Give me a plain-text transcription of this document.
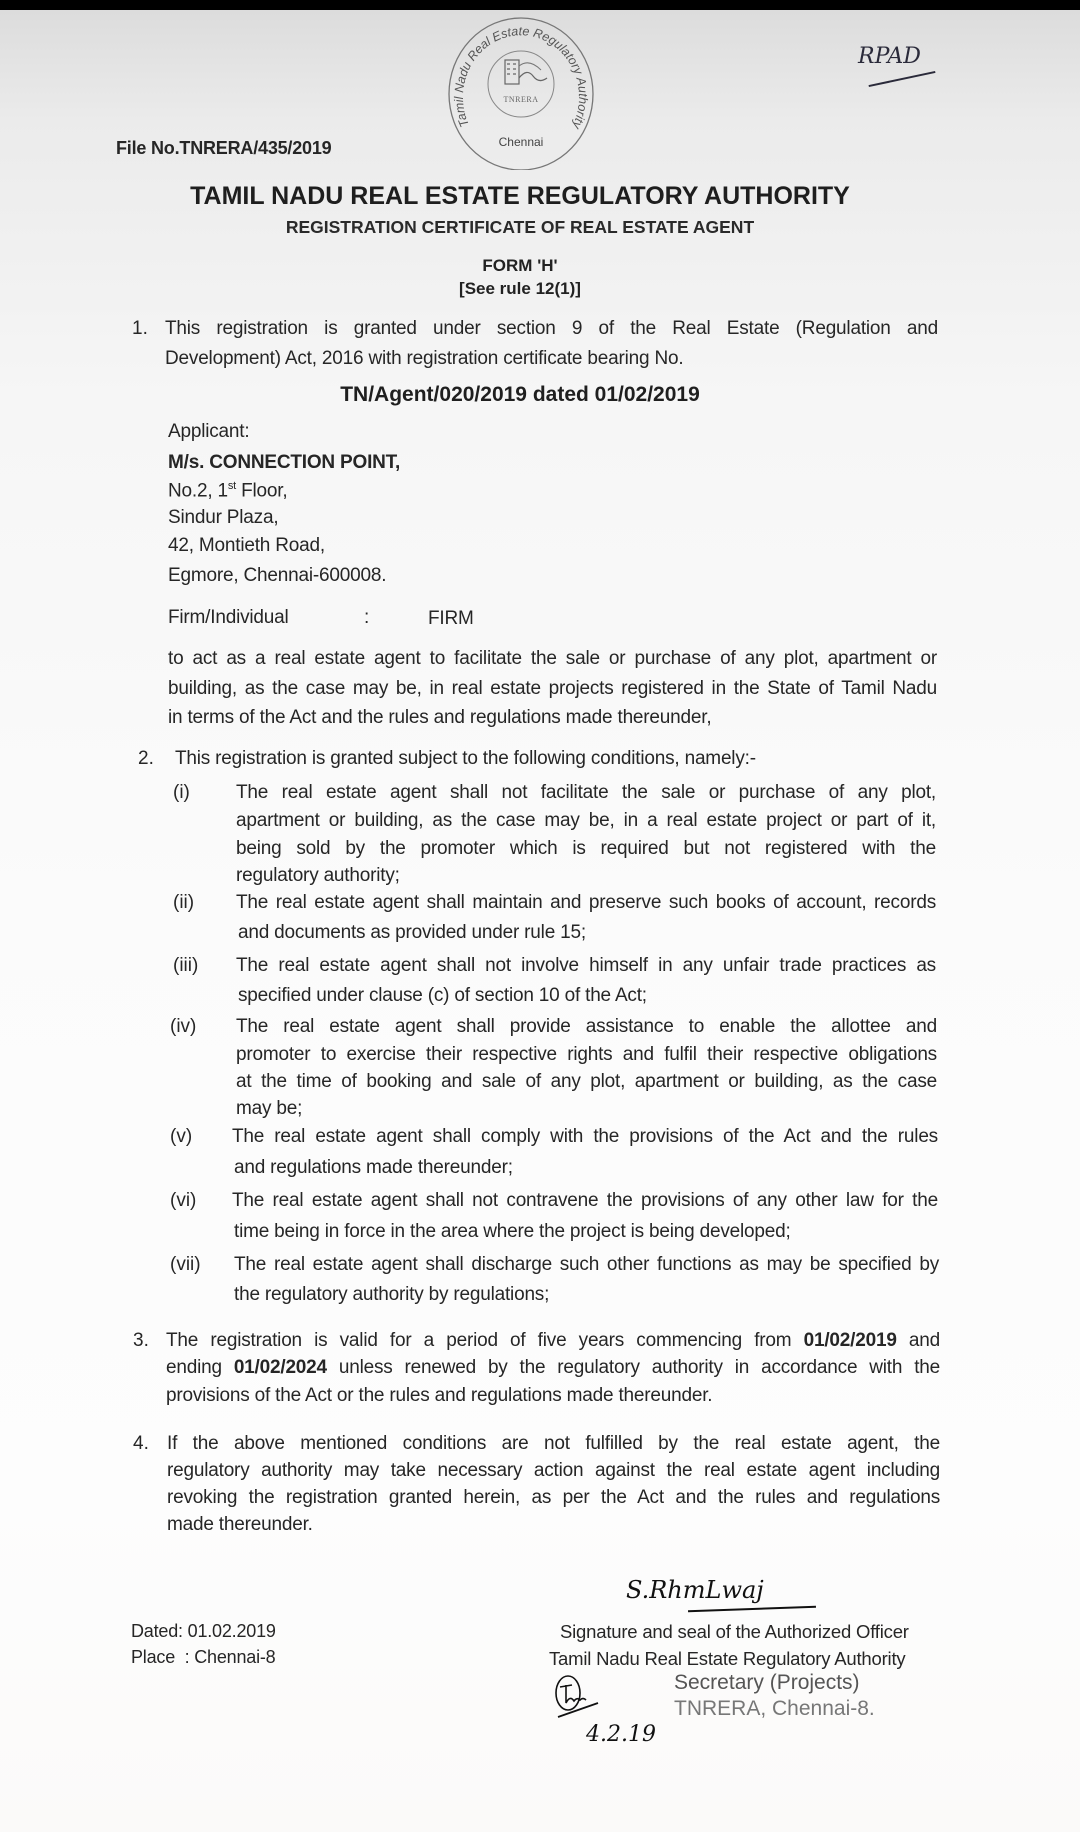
Tamil Nadu Real Estate Regulatory Authority
TNRERA
Chennai
RPAD
File No.TNRERA/435/2019
TAMIL NADU REAL ESTATE REGULATORY AUTHORITY
REGISTRATION CERTIFICATE OF REAL ESTATE AGENT
FORM 'H'
[See rule 12(1)]
1. This registration is granted under section 9 of the Real Estate (Regulation and
Development) Act, 2016 with registration certificate bearing No.
TN/Agent/020/2019 dated 01/02/2019
Applicant:
M/s. CONNECTION POINT,
No.2, 1st Floor,
Sindur Plaza,
42, Montieth Road,
Egmore, Chennai-600008.
Firm/Individual	:	FIRM
to act as a real estate agent to facilitate the sale or purchase of any plot, apartment or
building, as the case may be, in real estate projects registered in the State of Tamil Nadu
in terms of the Act and the rules and regulations made thereunder,
2. This registration is granted subject to the following conditions, namely:-
(i) The real estate agent shall not facilitate the sale or purchase of any plot,
apartment or building, as the case may be, in a real estate project or part of it,
being sold by the promoter which is required but not registered with the
regulatory authority;
(ii) The real estate agent shall maintain and preserve such books of account, records
and documents as provided under rule 15;
(iii) The real estate agent shall not involve himself in any unfair trade practices as
specified under clause (c) of section 10 of the Act;
(iv) The real estate agent shall provide assistance to enable the allottee and
promoter to exercise their respective rights and fulfil their respective obligations
at the time of booking and sale of any plot, apartment or building, as the case
may be;
(v) The real estate agent shall comply with the provisions of the Act and the rules
and regulations made thereunder;
(vi) The real estate agent shall not contravene the provisions of any other law for the
time being in force in the area where the project is being developed;
(vii) The real estate agent shall discharge such other functions as may be specified by
the regulatory authority by regulations;
3. The registration is valid for a period of five years commencing from 01/02/2019 and
ending 01/02/2024 unless renewed by the regulatory authority in accordance with the
provisions of the Act or the rules and regulations made thereunder.
4. If the above mentioned conditions are not fulfilled by the real estate agent, the
regulatory authority may take necessary action against the real estate agent including
revoking the registration granted herein, as per the Act and the rules and regulations
made thereunder.
Dated: 01.02.2019
Place  : Chennai-8
S.Rhm‌Lwaj
Signature and seal of the Authorized Officer
Tamil Nadu Real Estate Regulatory Authority
Secretary (Projects)
TNRERA, Chennai-8.
4.2.19
